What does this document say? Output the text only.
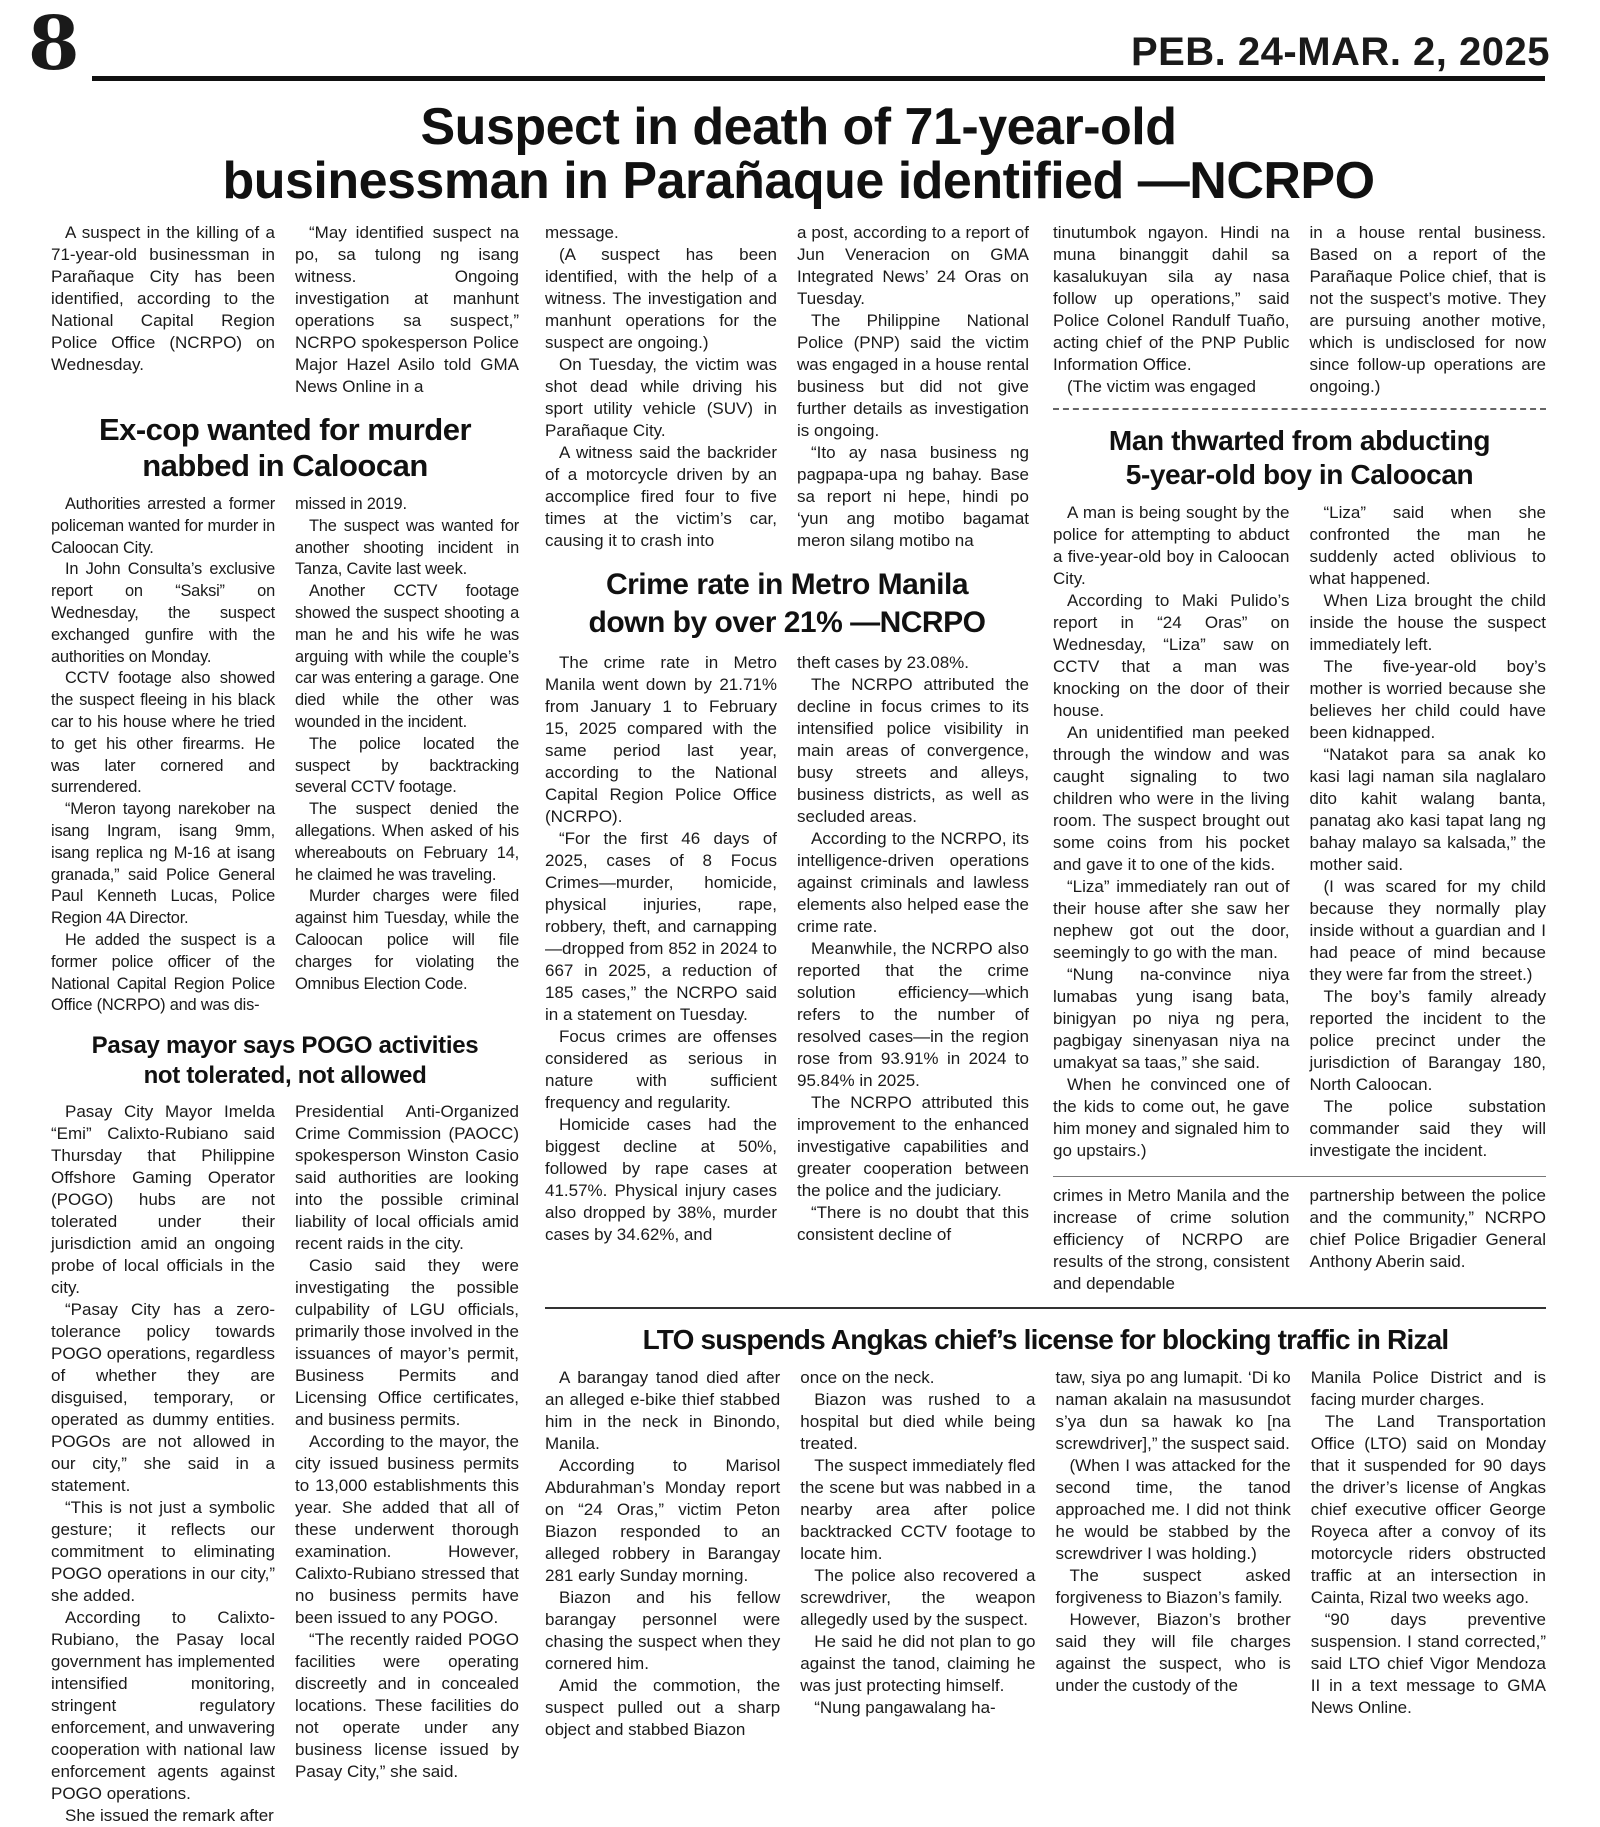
8	PEB. 24-MAR. 2, 2025
Suspect in death of 71-year-old
businessman in Parañaque identified —NCRPO

A suspect in the killing of a 71-year-old businessman in Parañaque City has been identified, according to the National Capital Region Police Office (NCRPO) on Wednesday.

“May identified suspect na po, sa tulong ng isang witness. Ongoing investigation at manhunt operations sa suspect,” NCRPO spokesperson Police Major Hazel Asilo told GMA News Online in a

Ex-cop wanted for murder
nabbed in Caloocan

Authorities arrested a former policeman wanted for murder in Caloocan City.

In John Consulta’s exclusive report on “Saksi” on Wednesday, the suspect exchanged gunfire with the authorities on Monday.

CCTV footage also showed the suspect fleeing in his black car to his house where he tried to get his other firearms. He was later cornered and surrendered.

“Meron tayong narekober na isang Ingram, isang 9mm, isang replica ng M-16 at isang granada,” said Police General Paul Kenneth Lucas, Police Region 4A Director.

He added the suspect is a former police officer of the National Capital Region Police Office (NCRPO) and was dis-

missed in 2019.

The suspect was wanted for another shooting incident in Tanza, Cavite last week.

Another CCTV footage showed the suspect shooting a man he and his wife he was arguing with while the couple’s car was entering a garage. One died while the other was wounded in the incident.

The police located the suspect by backtracking several CCTV footage.

The suspect denied the allegations. When asked of his whereabouts on February 14, he claimed he was traveling.

Murder charges were filed against him Tuesday, while the Caloocan police will file charges for violating the Omnibus Election Code.

Pasay mayor says POGO activities
not tolerated, not allowed

Pasay City Mayor Imelda “Emi” Calixto-Rubiano said Thursday that Philippine Offshore Gaming Operator (POGO) hubs are not tolerated under their jurisdiction amid an ongoing probe of local officials in the city.

“Pasay City has a zero-tolerance policy towards POGO operations, regardless of whether they are disguised, temporary, or operated as dummy entities. POGOs are not allowed in our city,” she said in a statement.

“This is not just a symbolic gesture; it reflects our commitment to eliminating POGO operations in our city,” she added.

According to Calixto-Rubiano, the Pasay local government has implemented intensified monitoring, stringent regulatory enforcement, and unwavering cooperation with national law enforcement agents against POGO operations.

She issued the remark after

Presidential Anti-Organized Crime Commission (PAOCC) spokesperson Winston Casio said authorities are looking into the possible criminal liability of local officials amid recent raids in the city.

Casio said they were investigating the possible culpability of LGU officials, primarily those involved in the issuances of mayor’s permit, Business Permits and Licensing Office certificates, and business permits.

According to the mayor, the city issued business permits to 13,000 establishments this year. She added that all of these underwent thorough examination. However, Calixto-Rubiano stressed that no business permits have been issued to any POGO.

“The recently raided POGO facilities were operating discreetly and in concealed locations. These facilities do not operate under any business license issued by Pasay City,” she said.

message.

(A suspect has been identified, with the help of a witness. The investigation and manhunt operations for the suspect are ongoing.)

On Tuesday, the victim was shot dead while driving his sport utility vehicle (SUV) in Parañaque City.

A witness said the backrider of a motorcycle driven by an accomplice fired four to five times at the victim’s car, causing it to crash into

a post, according to a report of Jun Veneracion on GMA Integrated News’ 24 Oras on Tuesday.

The Philippine National Police (PNP) said the victim was engaged in a house rental business but did not give further details as investigation is ongoing.

“Ito ay nasa business ng pagpapa-upa ng bahay. Base sa report ni hepe, hindi po ‘yun ang motibo bagamat meron silang motibo na

Crime rate in Metro Manila
down by over 21% —NCRPO

The crime rate in Metro Manila went down by 21.71% from January 1 to February 15, 2025 compared with the same period last year, according to the National Capital Region Police Office (NCRPO).

“For the first 46 days of 2025, cases of 8 Focus Crimes—murder, homicide, physical injuries, rape, robbery, theft, and carnapping—dropped from 852 in 2024 to 667 in 2025, a reduction of 185 cases,” the NCRPO said in a statement on Tuesday.

Focus crimes are offenses considered as serious in nature with sufficient frequency and regularity.

Homicide cases had the biggest decline at 50%, followed by rape cases at 41.57%. Physical injury cases also dropped by 38%, murder cases by 34.62%, and

theft cases by 23.08%.

The NCRPO attributed the decline in focus crimes to its intensified police visibility in main areas of convergence, busy streets and alleys, business districts, as well as secluded areas.

According to the NCRPO, its intelligence-driven operations against criminals and lawless elements also helped ease the crime rate.

Meanwhile, the NCRPO also reported that the crime solution efficiency—which refers to the number of resolved cases—in the region rose from 93.91% in 2024 to 95.84% in 2025.

The NCRPO attributed this improvement to the enhanced investigative capabilities and greater cooperation between the police and the judiciary.

“There is no doubt that this consistent decline of

tinutumbok ngayon. Hindi na muna binanggit dahil sa kasalukuyan sila ay nasa follow up operations,” said Police Colonel Randulf Tuaño, acting chief of the PNP Public Information Office.

(The victim was engaged

in a house rental business. Based on a report of the Parañaque Police chief, that is not the suspect’s motive. They are pursuing another motive, which is undisclosed for now since follow-up operations are ongoing.)

Man thwarted from abducting
5-year-old boy in Caloocan

A man is being sought by the police for attempting to abduct a five-year-old boy in Caloocan City.

According to Maki Pulido’s report in “24 Oras” on Wednesday, “Liza” saw on CCTV that a man was knocking on the door of their house.

An unidentified man peeked through the window and was caught signaling to two children who were in the living room. The suspect brought out some coins from his pocket and gave it to one of the kids.

“Liza” immediately ran out of their house after she saw her nephew got out the door, seemingly to go with the man.

“Nung na-convince niya lumabas yung isang bata, binigyan po niya ng pera, pagbigay sinenyasan niya na umakyat sa taas,” she said.

When he convinced one of the kids to come out, he gave him money and signaled him to go upstairs.)

“Liza” said when she confronted the man he suddenly acted oblivious to what happened.

When Liza brought the child inside the house the suspect immediately left.

The five-year-old boy’s mother is worried because she believes her child could have been kidnapped.

“Natakot para sa anak ko kasi lagi naman sila naglalaro dito kahit walang banta, panatag ako kasi tapat lang ng bahay malayo sa kalsada,” the mother said.

(I was scared for my child because they normally play inside without a guardian and I had peace of mind because they were far from the street.)

The boy’s family already reported the incident to the police precinct under the jurisdiction of Barangay 180, North Caloocan.

The police substation commander said they will investigate the incident.

crimes in Metro Manila and the increase of crime solution efficiency of NCRPO are results of the strong, consistent and dependable

partnership between the police and the community,” NCRPO chief Police Brigadier General Anthony Aberin said.

LTO suspends Angkas chief’s license for blocking traffic in Rizal

A barangay tanod died after an alleged e-bike thief stabbed him in the neck in Binondo, Manila.

According to Marisol Abdurahman’s Monday report on “24 Oras,” victim Peton Biazon responded to an alleged robbery in Barangay 281 early Sunday morning.

Biazon and his fellow barangay personnel were chasing the suspect when they cornered him.

Amid the commotion, the suspect pulled out a sharp object and stabbed Biazon

once on the neck.

Biazon was rushed to a hospital but died while being treated.

The suspect immediately fled the scene but was nabbed in a nearby area after police backtracked CCTV footage to locate him.

The police also recovered a screwdriver, the weapon allegedly used by the suspect.

He said he did not plan to go against the tanod, claiming he was just protecting himself.

“Nung pangawalang ha-

taw, siya po ang lumapit. ‘Di ko naman akalain na masusundot s’ya dun sa hawak ko [na screwdriver],” the suspect said.

(When I was attacked for the second time, the tanod approached me. I did not think he would be stabbed by the screwdriver I was holding.)

The suspect asked forgiveness to Biazon’s family.

However, Biazon’s brother said they will file charges against the suspect, who is under the custody of the

Manila Police District and is facing murder charges.

The Land Transportation Office (LTO) said on Monday that it suspended for 90 days the driver’s license of Angkas chief executive officer George Royeca after a convoy of its motorcycle riders obstructed traffic at an intersection in Cainta, Rizal two weeks ago.

“90 days preventive suspension. I stand corrected,” said LTO chief Vigor Mendoza II in a text message to GMA News Online.
